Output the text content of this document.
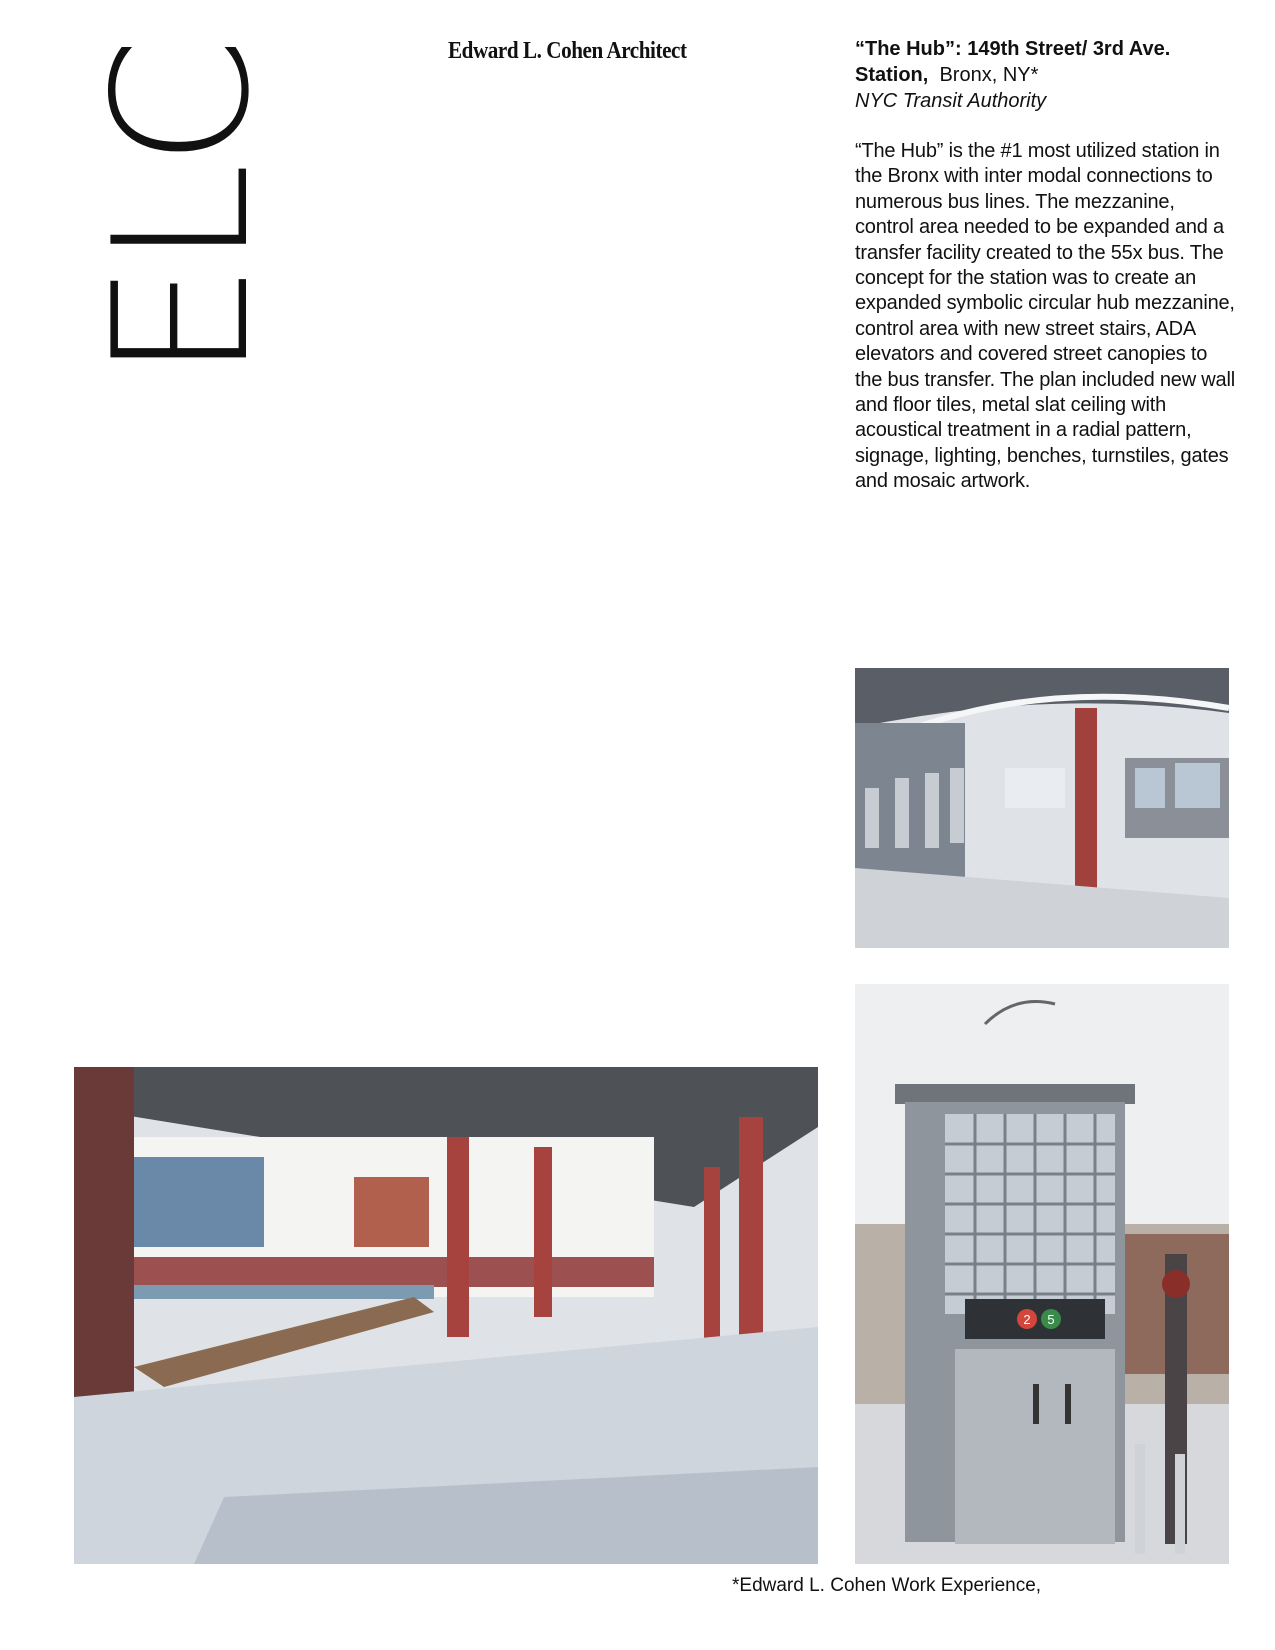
ELC	Edward L. Cohen Architect	“The Hub”: 149th Street/ 3rd Ave. Station, Bronx, NY*
NYC Transit Authority
“The Hub” is the #1 most utilized station in the Bronx with inter modal connections to numerous bus lines. The mezzanine, control area needed to be expanded and a transfer facility created to the 55x bus. The concept for the station was to create an expanded symbolic circular hub mezzanine, control area with new street stairs, ADA elevators and covered street canopies to the bus transfer. The plan included new wall and floor tiles, metal slat ceiling with acoustical treatment in a radial pattern, signage, lighting, benches, turnstiles, gates and mosaic artwork.
2 5
*Edward L. Cohen Work Experience,
